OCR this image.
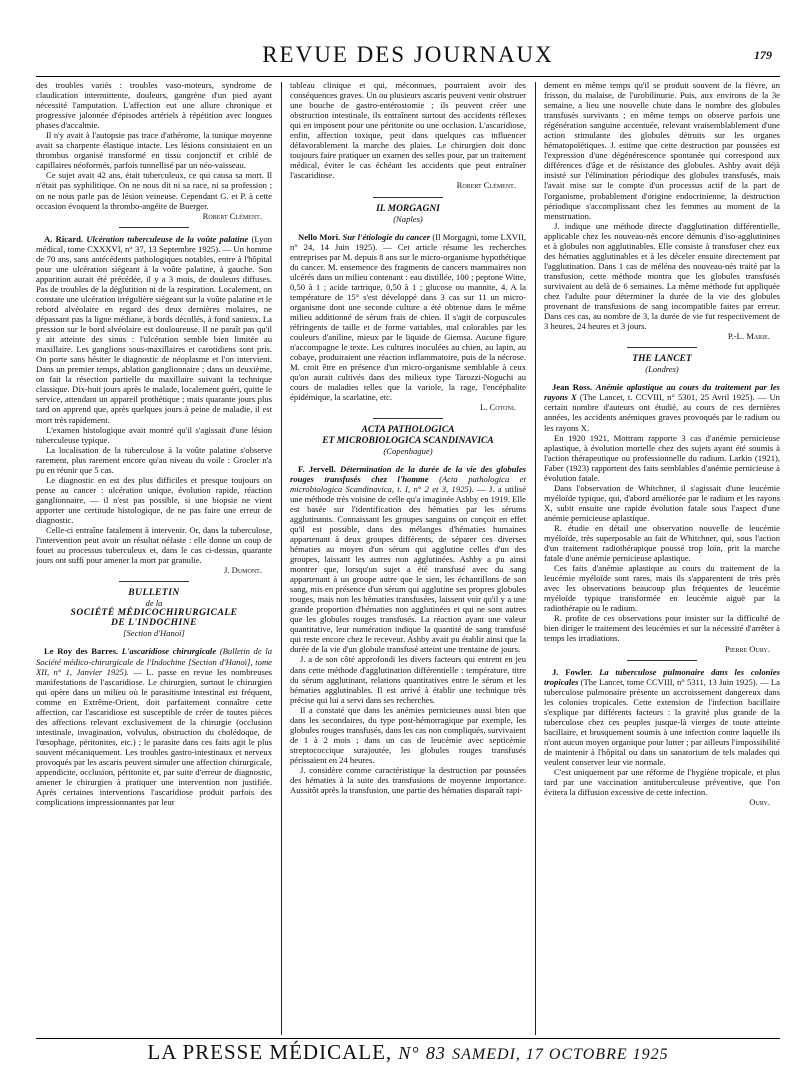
REVUE DES JOURNAUX	179

des troubles variés : troubles vaso-moteurs, syndrome de claudication intermittente, douleurs, gangrène d'un pied ayant nécessité l'amputation. L'affection eut une allure chronique et progressive jalonnée d'épisodes artériels à répétition avec longues phases d'accalmie.

Il n'y avait à l'autopsie pas trace d'athérome, la tunique moyenne avait sa charpente élastique intacte. Les lésions consistaient en un thrombus organisé transformé en tissu conjonctif et criblé de capillaires néoformés, parfois tunnellisé par un néo-vaisseau.

Ce sujet avait 42 ans, était tuberculeux, ce qui causa sa mort. Il n'était pas syphilitique. On ne nous dit ni sa race, ni sa profession ; on ne nous parle pas de lésion veineuse. Cependant G. et P. à cette occasion évoquent la thrombo-angéite de Buerger.

Robert Clément.

A. Ricard. Ulcération tuberculeuse de la voûte palatine (Lyon médical, tome CXXXVI, n° 37, 13 Septembre 1925). — Un homme de 70 ans, sans antécédents pathologiques notables, entre à l'hôpital pour une ulcération siégeant à la voûte palatine, à gauche. Son apparition aurait été précédée, il y a 3 mois, de douleurs diffuses. Pas de troubles de la déglutition ni de la respiration. Localement, on constate une ulcération irrégulière siégeant sur la voûte palatine et le rebord alvéolaire en regard des deux dernières molaires, ne dépassant pas la ligne médiane, à bords décollés, à fond sanieux. La pression sur le bord alvéolaire est douloureuse. Il ne paraît pas qu'il y ait atteinte des sinus : l'ulcération semble bien limitée au maxillaire. Les ganglions sous-maxillaires et carotidiens sont pris. On porte sans hésiter le diagnostic de néoplasme et l'on intervient. Dans un premier temps, ablation ganglionnaire ; dans un deuxième, on fait la résection partielle du maxillaire suivant la technique classique. Dix-huit jours après le malade, localement guéri, quitte le service, attendant un appareil prothétique ; mais quarante jours plus tard on apprend que, après quelques jours à peine de maladie, il est mort très rapidement.

L'examen histologique avait montré qu'il s'agissait d'une lésion tuberculeuse typique.

La localisation de la tuberculose à la voûte palatine s'observe rarement, plus rarement encore qu'au niveau du voile : Grocler n'a pu en réunir que 5 cas.

Le diagnostic en est des plus difficiles et presque toujours on pense au cancer : ulcération unique, évolution rapide, réaction ganglionnaire, — il n'est pas possible, si une biopsie ne vient apporter une certitude histologique, de ne pas faire une erreur de diagnostic.

Celle-ci entraîne fatalement à intervenir. Or, dans la tuberculose, l'intervention peut avoir un résultat néfaste : elle donne un coup de fouet au processus tuberculeux et, dans le cas ci-dessus, quarante jours ont suffi pour amener la mort par granulie.

J. Dumont.

BULLETIN

de la

SOCIÉTÉ MÉDICOCHIRURGICALE

DE L'INDOCHINE

[Section d'Hanoï]

Le Roy des Barres. L'ascaridiose chirurgicale (Bulletin de la Société médico-chirurgicale de l'Indochine [Section d'Hanoï], tome XII, n° 1, Janvier 1925). — L. passe en revue les nombreuses manifestations de l'ascaridiose. Le chirurgien, surtout le chirurgien qui opère dans un milieu où le parasitisme intestinal est fréquent, comme en Extrême-Orient, doit parfaitement connaître cette affection, car l'ascaridiose est susceptible de créer de toutes pièces des affections relevant exclusivement de la chirurgie (occlusion intestinale, invagination, volvulus, obstruction du cholédoque, de l'œsophage, péritonites, etc.) ; le parasite dans ces faits agit le plus souvent mécaniquement. Les troubles gastro-intestinaux et nerveux provoqués par les ascaris peuvent simuler une affection chirurgicale, appendicite, occlusion, péritonite et, par suite d'erreur de diagnostic, amener le chirurgien à pratiquer une intervention non justifiée. Après certaines interventions l'ascaridiose produit parfois des complications impressionnantes par leur

tableau clinique et qui, méconnues, pourraient avoir des conséquences graves. Un ou plusieurs ascaris peuvent venir obstruer une bouche de gastro-entérostomie ; ils peuvent créer une obstruction intestinale, ils entraînent surtout des accidents réflexes qui en imposent pour une péritonite ou une occlusion. L'ascaridiose, enfin, affection toxique, peut dans quelques cas influencer défavorablement la marche des plaies. Le chirurgien doit donc toujours faire pratiquer un examen des selles pour, par un traitement médical, éviter le cas échéant les accidents que peut entraîner l'ascaridiose.

Robert Clément.

IL MORGAGNI

(Naples)

Nello Mori. Sur l'étiologie du cancer (Il Morgagni, tome LXVII, n° 24, 14 Juin 1925). — Cet article résume les recherches entreprises par M. depuis 8 ans sur le micro-organisme hypothétique du cancer. M. ensemence des fragments de cancers mammaires non ulcérés dans un milieu contenant : eau distillée, 100 ; peptone Witte, 0,50 à 1 ; acide tartrique, 0,50 à 1 ; glucose ou mannite, 4. A la température de 15° s'est développé dans 3 cas sur 11 un micro-organisme dont une seconde culture a été obtenue dans le même milieu additionné de sérum frais de chien. Il s'agit de corpuscules réfringents de taille et de forme variables, mal colorables par les couleurs d'aniline, mieux par le liquide de Giemsa. Aucune figure n'accompagne le texte. Les cultures inoculées au chien, au lapin, au cobaye, produiraient une réaction inflammatoire, puis de la nécrose. M. croit être en présence d'un micro-organisme semblable à ceux qu'on aurait cultivés dans des milieux type Tarozzi-Noguchi au cours de maladies telles que la variole, la rage, l'encéphalite épidémique, la scarlatine, etc.

L. Cotoni.

ACTA PATHOLOGICA

ET MICROBIOLOGICA SCANDINAVICA

(Copenhague)

F. Jervell. Détermination de la durée de la vie des globules rouges transfusés chez l'homme (Acta pathologica et microbiologica Scandinavica, t. I, n° 2 et 3, 1925). — J. a utilisé une méthode très voisine de celle qu'a imaginée Ashby en 1919. Elle est basée sur l'identification des hématies par les sérums agglutinants. Connaissant les groupes sanguins on conçoit en effet qu'il est possible, dans des mélanges d'hématies humaines appartenant à deux groupes différents, de séparer ces diverses hématies au moyen d'un sérum qui agglutine celles d'un des groupes, laissant les autres non agglutinées. Ashby a pu ainsi montrer que, lorsqu'un sujet a été transfusé avec du sang appartenant à un groupe autre que le sien, les échantillons de son sang, mis en présence d'un sérum qui agglutine ses propres globules rouges, mais non les hématies transfusées, laissent voir qu'il y a une grande proportion d'hématies non agglutinées et qui ne sont autres que les globules rouges transfusés. La réaction ayant une valeur quantitative, leur numération indique la quantité de sang transfusé qui reste encore chez le receveur. Ashby avait pu établir ainsi que la durée de la vie d'un globule transfusé atteint une trentaine de jours.

J. a de son côté approfondi les divers facteurs qui entrent en jeu dans cette méthode d'agglutination différentielle : température, titre du sérum agglutinant, relations quantitatives entre le sérum et les hématies agglutinables. Il est arrivé à établir une technique très précise qui lui a servi dans ses recherches.

Il a constaté que dans les anémies pernicieuses aussi bien que dans les secondaires, du type post-hémorragique par exemple, les globules rouges transfusés, dans les cas non compliqués, survivaient de 1 à 2 mois ; dans un cas de leucémie avec septicémie streptococcique surajoutée, les globules rouges transfusés périssaient en 24 heures.

J. considère comme caractéristique la destruction par poussées des hématies à la suite des transfusions de moyenne importance. Aussitôt après la transfusion, une partie des hématies disparaît rapi-

dement en même temps qu'il se produit souvent de la fièvre, un frisson, du malaise, de l'urobilinurie. Puis, aux environs de la 3e semaine, a lieu une nouvelle chute dans le nombre des globules transfusés survivants ; en même temps on observe parfois une régénération sanguine accentuée, relevant vraisemblablement d'une action stimulante des globules détruits sur les organes hématopoïétiques. J. estime que cette destruction par poussées est l'expression d'une dégénérescence spontanée qui correspond aux différences d'âge et de résistance des globules. Ashby avait déjà insisté sur l'élimination périodique des globules transfusés, mais l'avait mise sur le compte d'un processus actif de la part de l'organisme, probablement d'origine endocrinienne, la destruction périodique s'accomplissant chez les femmes au moment de la menstruation.

J. indique une méthode directe d'agglutination différentielle, applicable chez les nouveau-nés encore démunis d'iso-agglutinines et à globules non agglutinables. Elle consiste à transfuser chez eux des hématies agglutinables et à les déceler ensuite directement par l'agglutination. Dans 1 cas de méléna des nouveau-nés traité par la transfusion, cette méthode montra que les globules transfusés survivaient au delà de 6 semaines. La même méthode fut appliquée chez l'adulte pour déterminer la durée de la vie des globules provenant de transfusions de sang incompatible faites par erreur. Dans ces cas, au nombre de 3, la durée de vie fut respectivement de 3 heures, 24 heures et 3 jours.

P.-L. Marie.

THE LANCET

(Londres)

Jean Ross. Anémie aplastique au cours du traitement par les rayons X (The Lancet, t. CCVIII, n° 5301, 25 Avril 1925). — Un certain nombre d'auteurs ont étudié, au cours de ces dernières années, les accidents anémiques graves provoqués par le radium ou les rayons X.

En 1920 1921, Mottram rapporte 3 cas d'anémie pernicieuse aplastique, à évolution mortelle chez des sujets ayant été soumis à l'action thérapeutique ou professionnelle du radium. Larkin (1921), Faber (1923) rapportent des faits semblables d'anémie pernicieuse à évolution fatale.

Dans l'observation de Whitchner, il s'agissait d'une leucémie myéloïde typique, qui, d'abord améliorée par le radium et les rayons X, subit ensuite une rapide évolution fatale sous l'aspect d'une anémie pernicieuse aplastique.

R. étudie en détail une observation nouvelle de leucémie myéloïde, très superposable au fait de Whitchner, qui, sous l'action d'un traitement radiothérapique poussé trop loin, prit la marche fatale d'une anémie pernicieuse aplastique.

Ces faits d'anémie aplastique au cours du traitement de la leucémie myéloïde sont rares, mais ils s'apparentent de très près avec les observations beaucoup plus fréquentes de leucémie myéloïde typique transformée en leucémie aiguë par la radiothérapie ou le radium.

R. profite de ces observations pour insister sur la difficulté de bien diriger le traitement des leucémies et sur la nécessité d'arrêter à temps les irradiations.

Pierre Oury.

J. Fowler. La tuberculose pulmonaire dans les colonies tropicales (The Lancet, tome CCVIII, n° 5311, 13 Juin 1925). — La tuberculose pulmonaire présente un accroissement dangereux dans les colonies tropicales. Cette extension de l'infection bacillaire s'explique par différents facteurs : la gravité plus grande de la tuberculose chez ces peuples jusque-là vierges de toute atteinte bacillaire, et brusquement soumis à une infection contre laquelle ils n'ont aucun moyen organique pour lutter ; par ailleurs l'impossibilité de maintenir à l'hôpital ou dans un sanatorium de tels malades qui veulent conserver leur vie normale.

C'est uniquement par une réforme de l'hygiène tropicale, et plus tard par une vaccination antituberculeuse préventive, que l'on évitera la diffusion excessive de cette infection.

Oury.

LA PRESSE MÉDICALE, N° 83 SAMEDI, 17 OCTOBRE 1925
